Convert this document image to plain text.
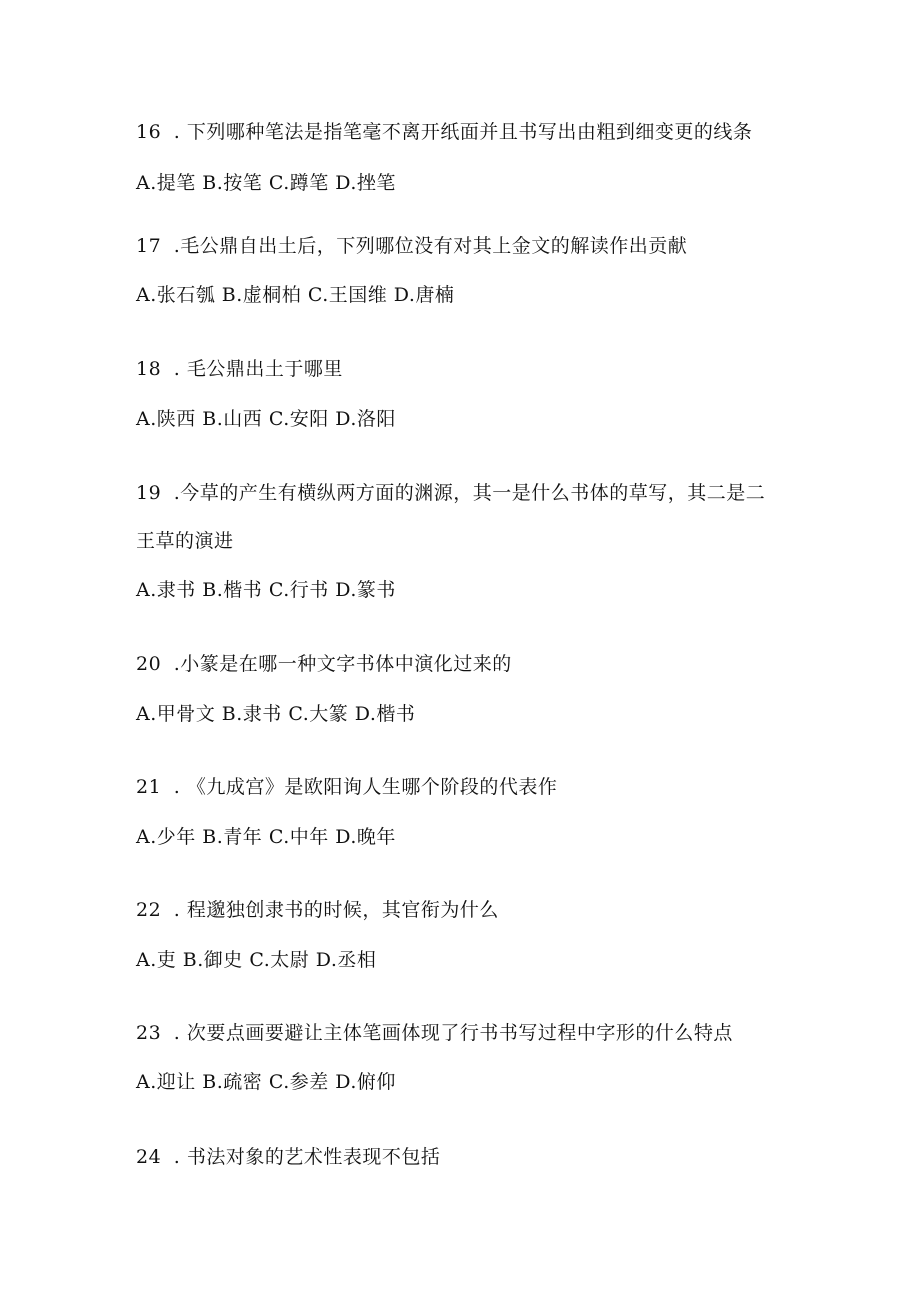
16 . 下列哪种笔法是指笔毫不离开纸面并且书写出由粗到细变更的线条
A.提笔 B.按笔 C.蹲笔 D.挫笔
17 .毛公鼎自出土后，下列哪位没有对其上金文的解读作出贡献
A.张石瓠 B.虚桐柏 C.王国维 D.唐楠
18 . 毛公鼎出土于哪里
A.陕西 B.山西 C.安阳 D.洛阳
19 .今草的产生有横纵两方面的渊源，其一是什么书体的草写，其二是二
王草的演进
A.隶书 B.楷书 C.行书 D.篆书
20 .小篆是在哪一种文字书体中演化过来的
A.甲骨文 B.隶书 C.大篆 D.楷书
21 . 《九成宫》是欧阳询人生哪个阶段的代表作
A.少年 B.青年 C.中年 D.晚年
22 . 程邈独创隶书的时候，其官衔为什么
A.吏 B.御史 C.太尉 D.丞相
23 . 次要点画要避让主体笔画体现了行书书写过程中字形的什么特点
A.迎让 B.疏密 C.参差 D.俯仰
24 . 书法对象的艺术性表现不包括
